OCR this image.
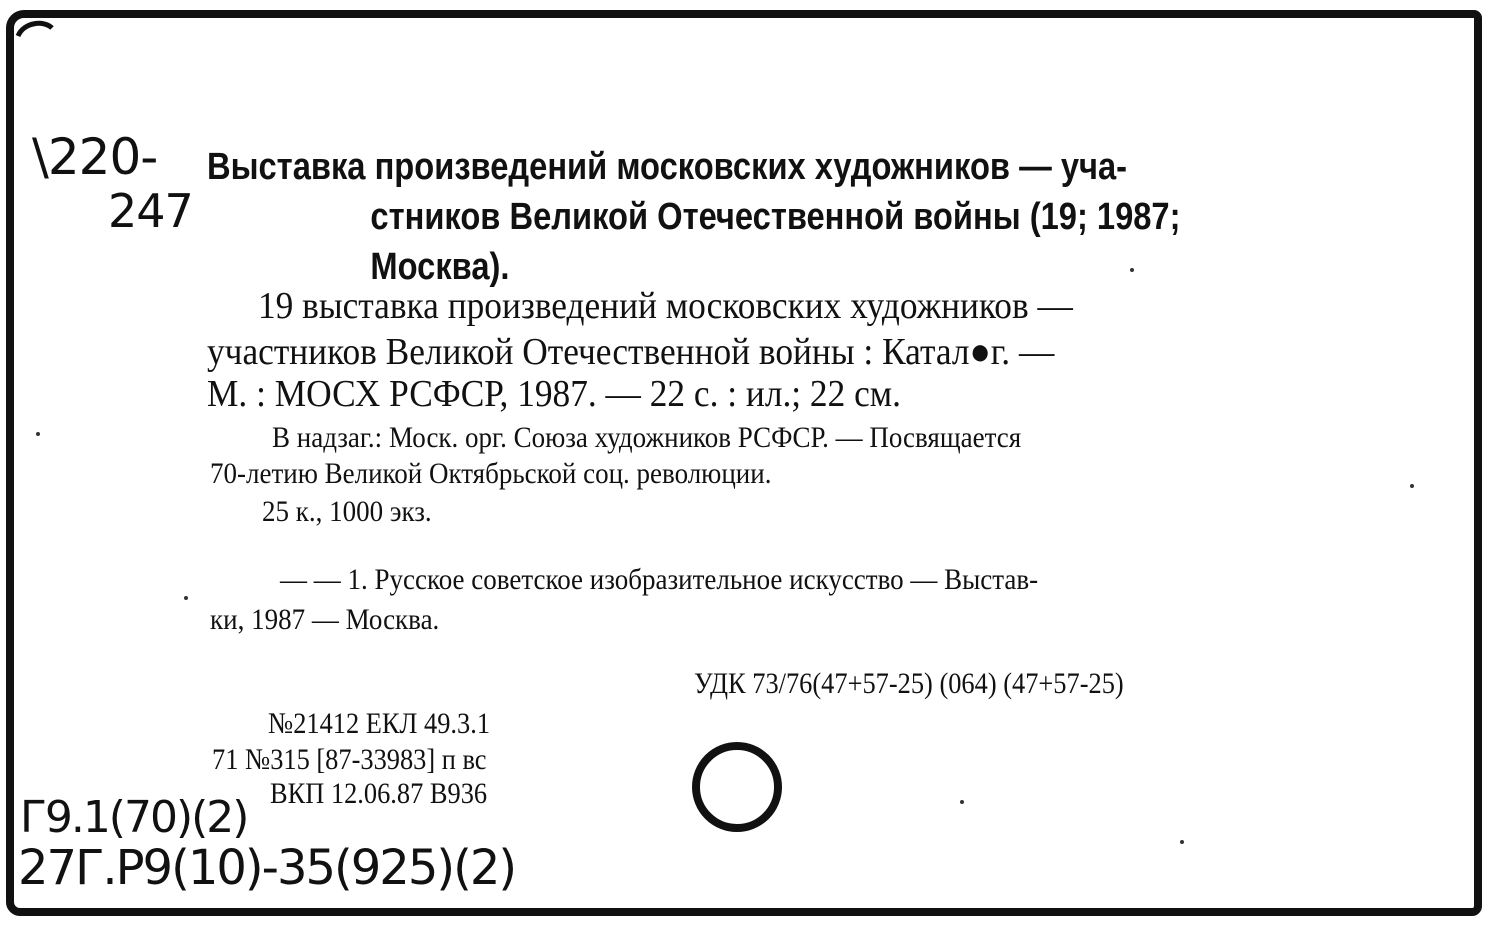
\220-
247
Выставка произведений московских художников — уча-
стников Великой Отечественной войны (19; 1987;
Москва).
19 выставка произведений московских художников —
участников Великой Отечественной войны : Катал●г. —
М. : МОСХ РСФСР, 1987. — 22 с. : ил.; 22 см.
В надзаг.: Моск. орг. Союза художников РСФСР. — Посвящается
70-летию Великой Октябрьской соц. революции.
25 к., 1000 экз.
— — 1. Русское советское изобразительное искусство — Выстав-
ки, 1987 — Москва.
УДК 73/76(47+57-25) (064) (47+57-25)
№21412 ЕКЛ 49.3.1
71 №315 [87-33983] п вс
ВКП 12.06.87 В936
Г9.1(70)(2)
27Г.Р9(10)-35(925)(2)
